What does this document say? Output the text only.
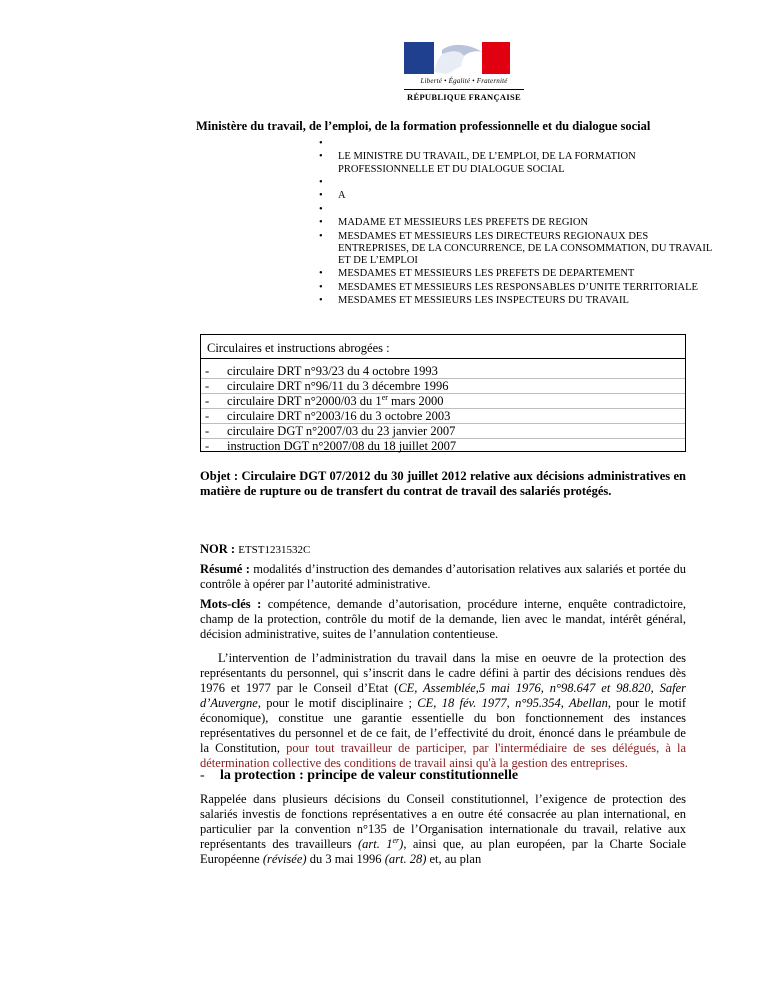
Liberté • Égalité • Fraternité
RÉPUBLIQUE FRANÇAISE
Ministère du travail, de l’emploi, de la formation professionnelle et du dialogue social
•
• LE MINISTRE DU TRAVAIL, DE L’EMPLOI, DE LA FORMATION PROFESSIONNELLE ET DU DIALOGUE SOCIAL
•
• A
•
• MADAME ET MESSIEURS LES PREFETS DE REGION
• MESDAMES ET MESSIEURS LES DIRECTEURS REGIONAUX DES ENTREPRISES, DE LA CONCURRENCE, DE LA CONSOMMATION, DU TRAVAIL ET DE L’EMPLOI
• MESDAMES ET MESSIEURS LES PREFETS DE DEPARTEMENT
• MESDAMES ET MESSIEURS LES RESPONSABLES D’UNITE TERRITORIALE
• MESDAMES ET MESSIEURS LES INSPECTEURS DU TRAVAIL
Circulaires et instructions abrogées :
-	circulaire DRT n°93/23 du 4 octobre 1993
-	circulaire DRT n°96/11 du 3 décembre 1996
-	circulaire DRT n°2000/03 du 1er mars 2000
-	circulaire DRT n°2003/16 du 3 octobre 2003
-	circulaire DGT n°2007/03 du 23 janvier 2007
-	instruction DGT n°2007/08 du 18 juillet 2007
Objet : Circulaire DGT 07/2012 du 30 juillet 2012 relative aux décisions administratives en matière de rupture ou de transfert du contrat de travail des salariés protégés.
NOR : ETST1231532C
Résumé : modalités d’instruction des demandes d’autorisation relatives aux salariés et portée du contrôle à opérer par l’autorité administrative.
Mots-clés : compétence, demande d’autorisation, procédure interne, enquête contradictoire, champ de la protection, contrôle du motif de la demande, lien avec le mandat, intérêt général, décision administrative, suites de l’annulation contentieuse.
L’intervention de l’administration du travail dans la mise en oeuvre de la protection des représentants du personnel, qui s’inscrit dans le cadre défini à partir des décisions rendues dès 1976 et 1977 par le Conseil d’Etat (CE, Assemblée,5 mai 1976, n°98.647 et 98.820, Safer d’Auvergne, pour le motif disciplinaire ; CE, 18 fév. 1977, n°95.354, Abellan, pour le motif économique), constitue une garantie essentielle du bon fonctionnement des instances représentatives du personnel et de ce fait, de l’effectivité du droit, énoncé dans le préambule de la Constitution, pour tout travailleur de participer, par l'intermédiaire de ses délégués, à la détermination collective des conditions de travail ainsi qu'à la gestion des entreprises.
- la protection : principe de valeur constitutionnelle
Rappelée dans plusieurs décisions du Conseil constitutionnel, l’exigence de protection des salariés investis de fonctions représentatives a en outre été consacrée au plan international, en particulier par la convention n°135 de l’Organisation internationale du travail, relative aux représentants des travailleurs (art. 1er), ainsi que, au plan européen, par la Charte Sociale Européenne (révisée) du 3 mai 1996 (art. 28) et, au plan
